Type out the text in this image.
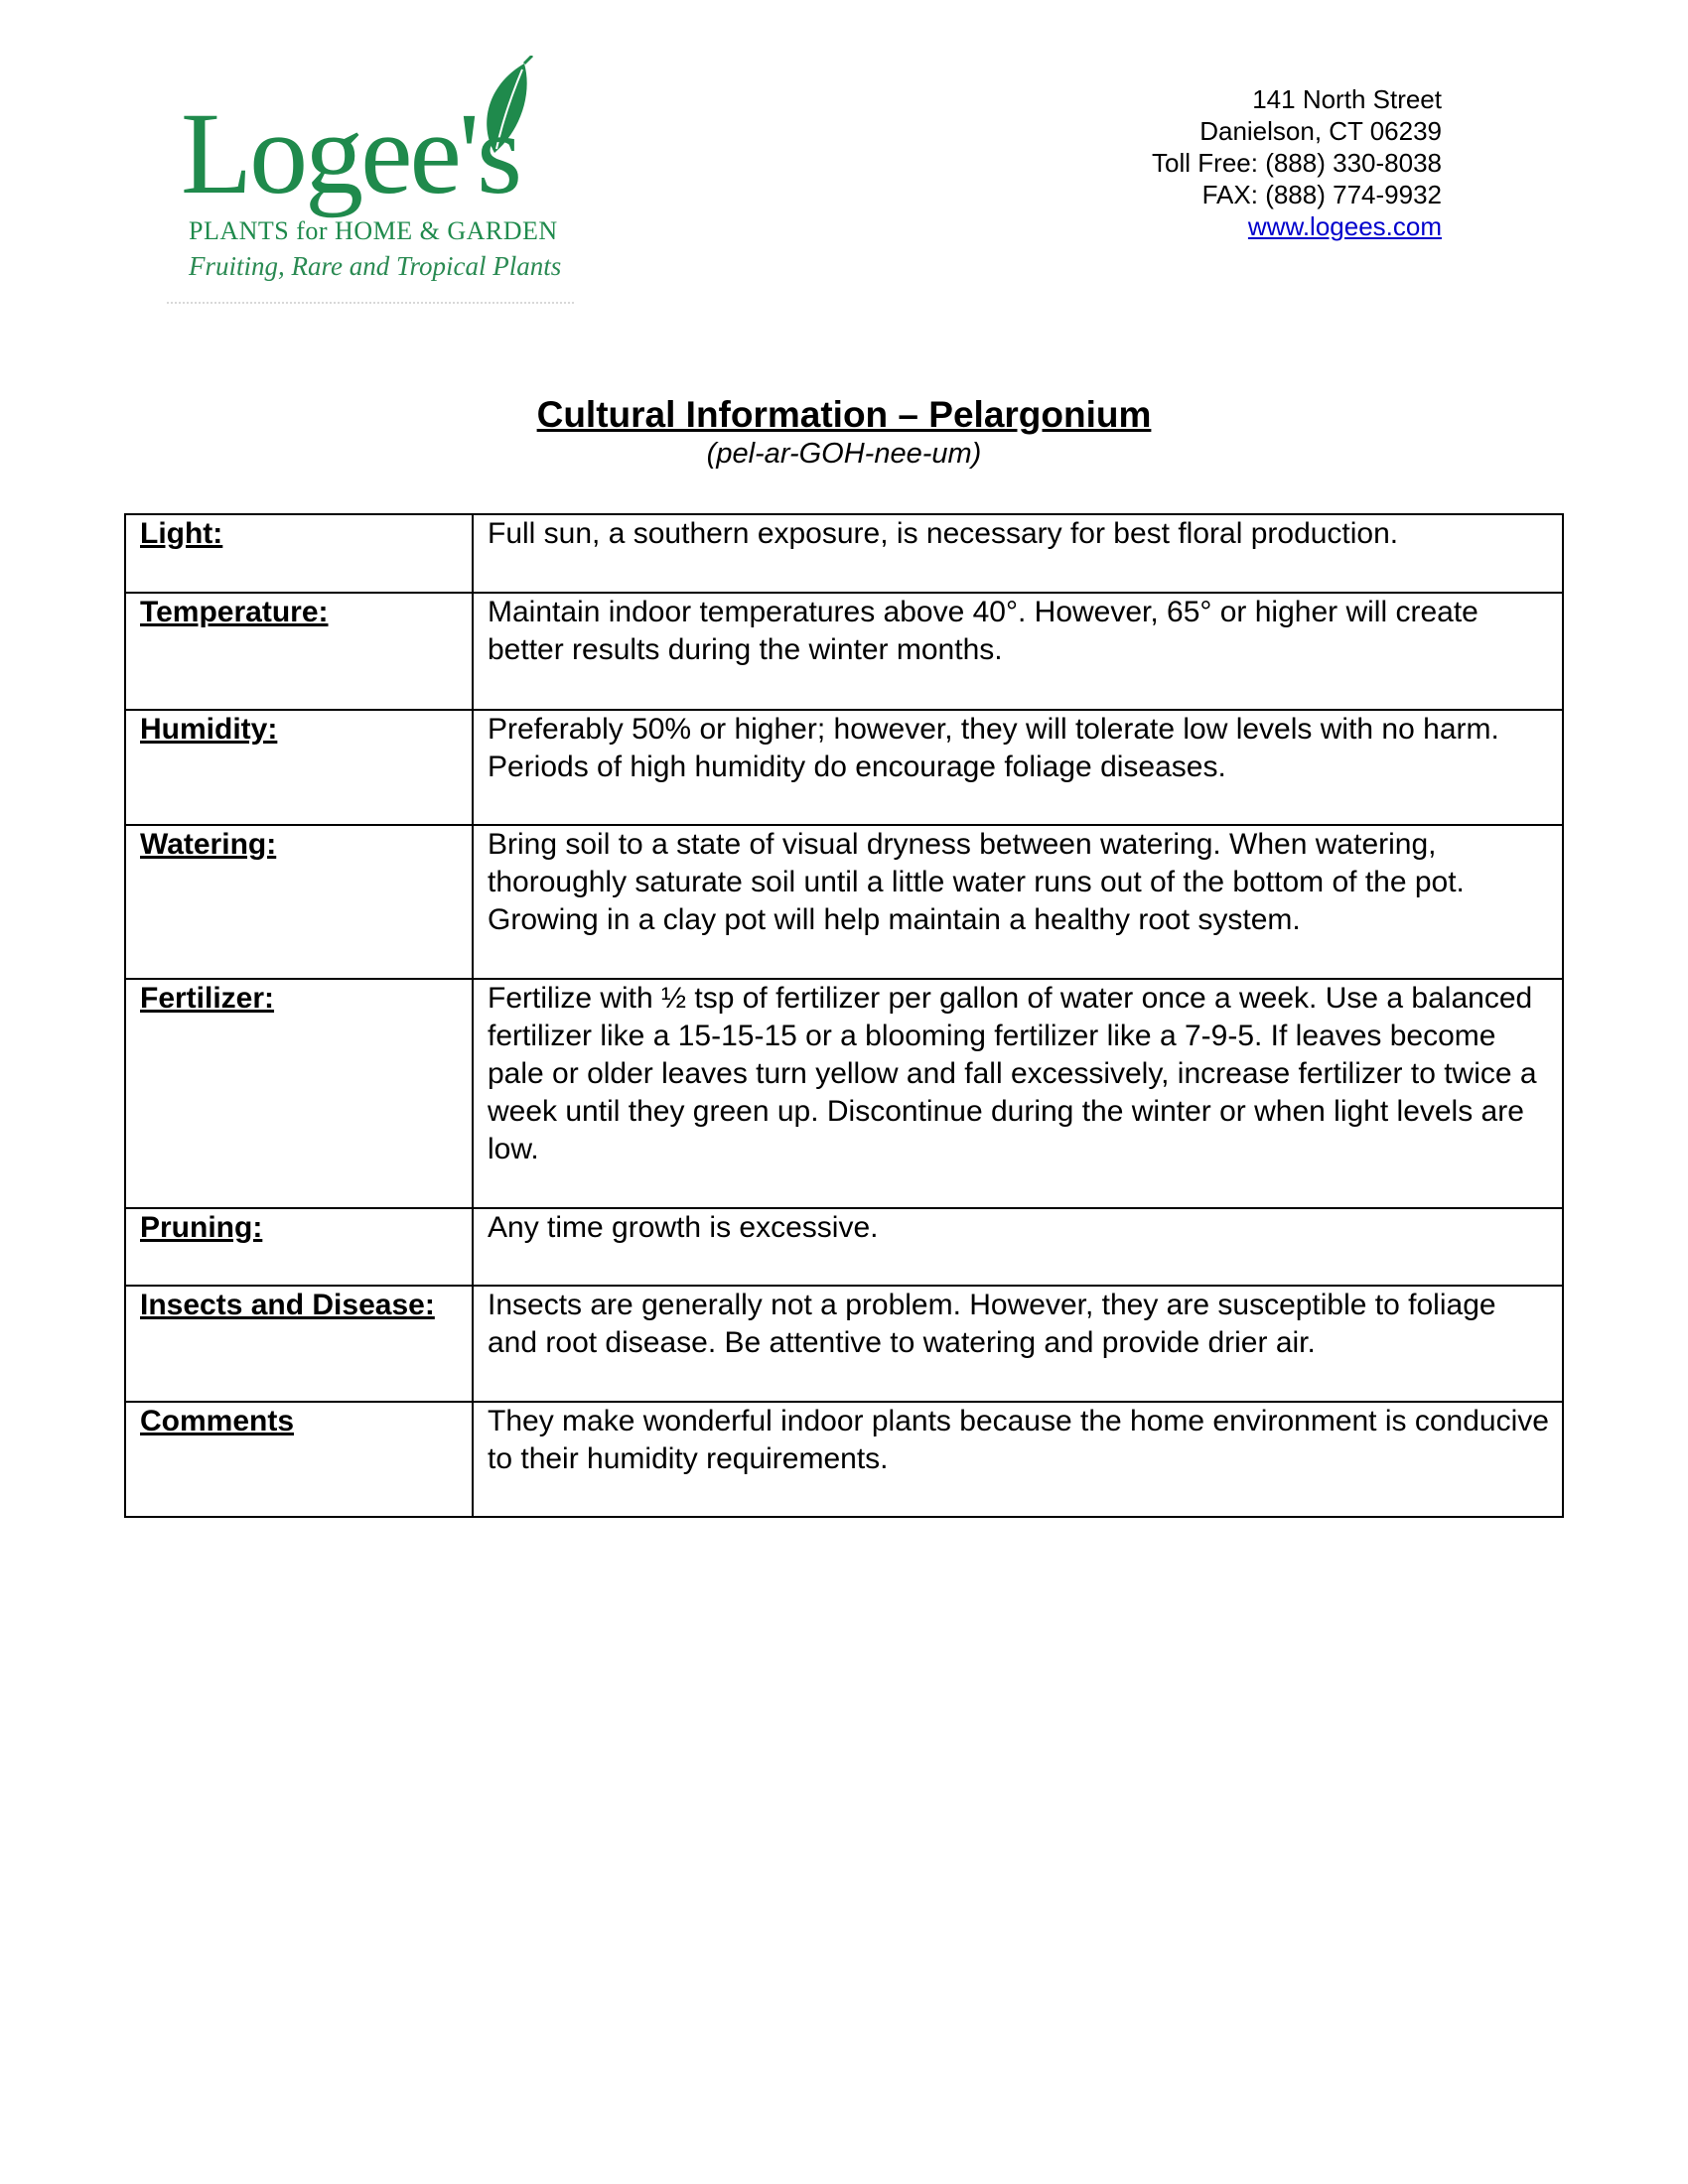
Logee's
PLANTS for HOME & GARDEN
Fruiting, Rare and Tropical Plants
141 North Street
Danielson, CT 06239
Toll Free: (888) 330-8038
FAX: (888) 774-9932
www.logees.com
Cultural Information – Pelargonium
(pel-ar-GOH-nee-um)
Light:	Full sun, a southern exposure, is necessary for best floral production.
Temperature:	Maintain indoor temperatures above 40°. However, 65° or higher will create better results during the winter months.
Humidity:	Preferably 50% or higher; however, they will tolerate low levels with no harm. Periods of high humidity do encourage foliage diseases.
Watering:	Bring soil to a state of visual dryness between watering. When watering, thoroughly saturate soil until a little water runs out of the bottom of the pot. Growing in a clay pot will help maintain a healthy root system.
Fertilizer:	Fertilize with ½ tsp of fertilizer per gallon of water once a week. Use a balanced fertilizer like a 15-15-15 or a blooming fertilizer like a 7-9-5. If leaves become pale or older leaves turn yellow and fall excessively, increase fertilizer to twice a week until they green up. Discontinue during the winter or when light levels are low.
Pruning:	Any time growth is excessive.
Insects and Disease:	Insects are generally not a problem. However, they are susceptible to foliage and root disease. Be attentive to watering and provide drier air.
Comments	They make wonderful indoor plants because the home environment is conducive to their humidity requirements.
